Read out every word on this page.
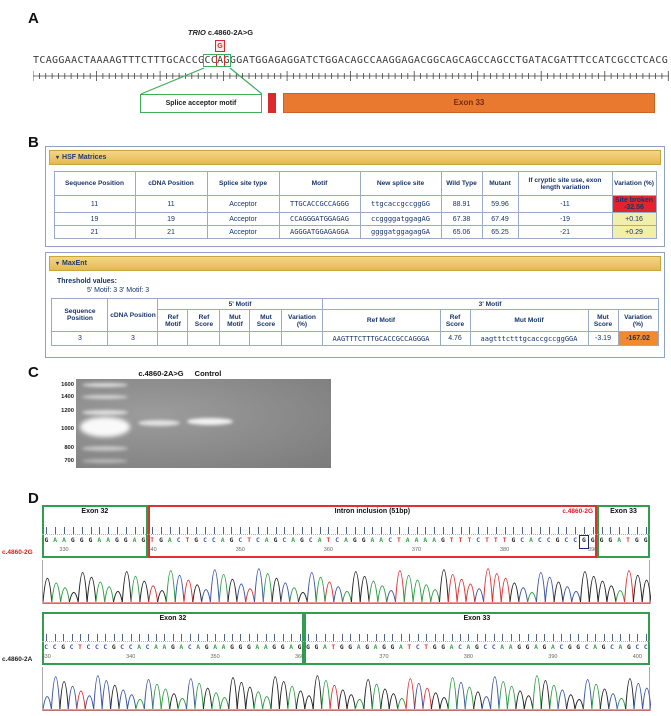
A
TRIO c.4860-2A>G
G
TCAGGAACTAAAAGTTTCTTTGCACCGCCAGGGATGGAGAGGATCTGGACAGCCAAGGAGACGGCAGCAGCCAGCCTGATACGATTTCCATCGCCTCACG
Splice acceptor motif	Exon 33
B
▾ HSF Matrices
Sequence Position	cDNA Position	Splice site type	Motif	New splice site	Wild Type	Mutant	If cryptic site use, exon length variation	Variation (%)
11	11	Acceptor	TTGCACCGCCAGGG	ttgcaccgccggGG	88.91	59.96	-11	Site broken
-32.56

19	19	Acceptor	CCAGGGATGGAGAG	ccggggatggagAG	67.38	67.49	-19	+0.16
21	21	Acceptor	AGGGATGGAGAGGA	ggggatggagagGA	65.06	65.25	-21	+0.29
▾ MaxEnt
Threshold values:
5' Motif: 3 3' Motif: 3
Sequence Position	cDNA Position	5' Motif					3' Motif				
		Ref Motif	Ref Score	Mut Motif	Mut Score	Variation (%)	Ref Motif	Ref Score	Mut Motif	Mut Score	Variation (%)
3	3						AAGTTTCTTTGCACCGCCAGGGA	4.76	aagtttctttgcaccgccggGGA	-3.19	-167.02
C	c.4860-2A>G	Control
1600
1400
1200
1000
800
700
D
c.4860-2G
c.4860-2A
Exon 32	Intron inclusion (51bp)	c.4860-2G	Exon 33
G A A G G G A A G G A G T G A C T G C C A G C T C A G C A G C A T C A G G A A C T A A A A G T T T C T T T G C A C C G C C G G G G A T G G
330	340	350	360	370	380	390
Exon 32	Exon 33
C C G C T C C C G C C A C A A G A C A G A A G G G A A G G A G G G A T G G A G A G G A T C T G G A C A G C C A A G G A G A C G G C A G C A G C C
330	340	350	360	370	380	390	400
